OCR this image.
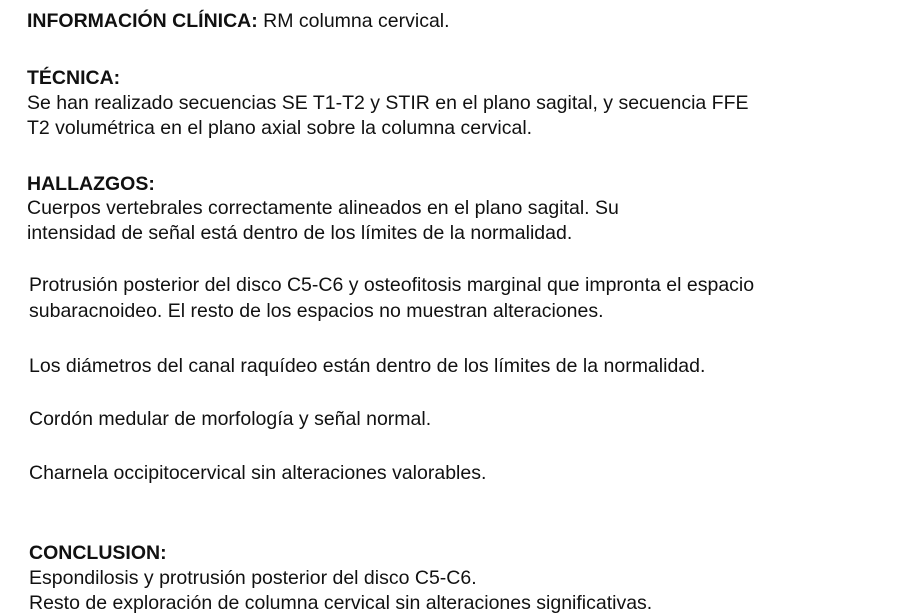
INFORMACIÓN CLÍNICA: RM columna cervical.
TÉCNICA:
Se han realizado secuencias SE T1-T2 y STIR en el plano sagital, y secuencia FFE
T2 volumétrica en el plano axial sobre la columna cervical.
HALLAZGOS:
Cuerpos vertebrales correctamente alineados en el plano sagital. Su
intensidad de señal está dentro de los límites de la normalidad.
Protrusión posterior del disco C5-C6 y osteofitosis marginal que impronta el espacio
subaracnoideo. El resto de los espacios no muestran alteraciones.
Los diámetros del canal raquídeo están dentro de los límites de la normalidad.
Cordón medular de morfología y señal normal.
Charnela occipitocervical sin alteraciones valorables.
CONCLUSION:
Espondilosis y protrusión posterior del disco C5-C6.
Resto de exploración de columna cervical sin alteraciones significativas.
